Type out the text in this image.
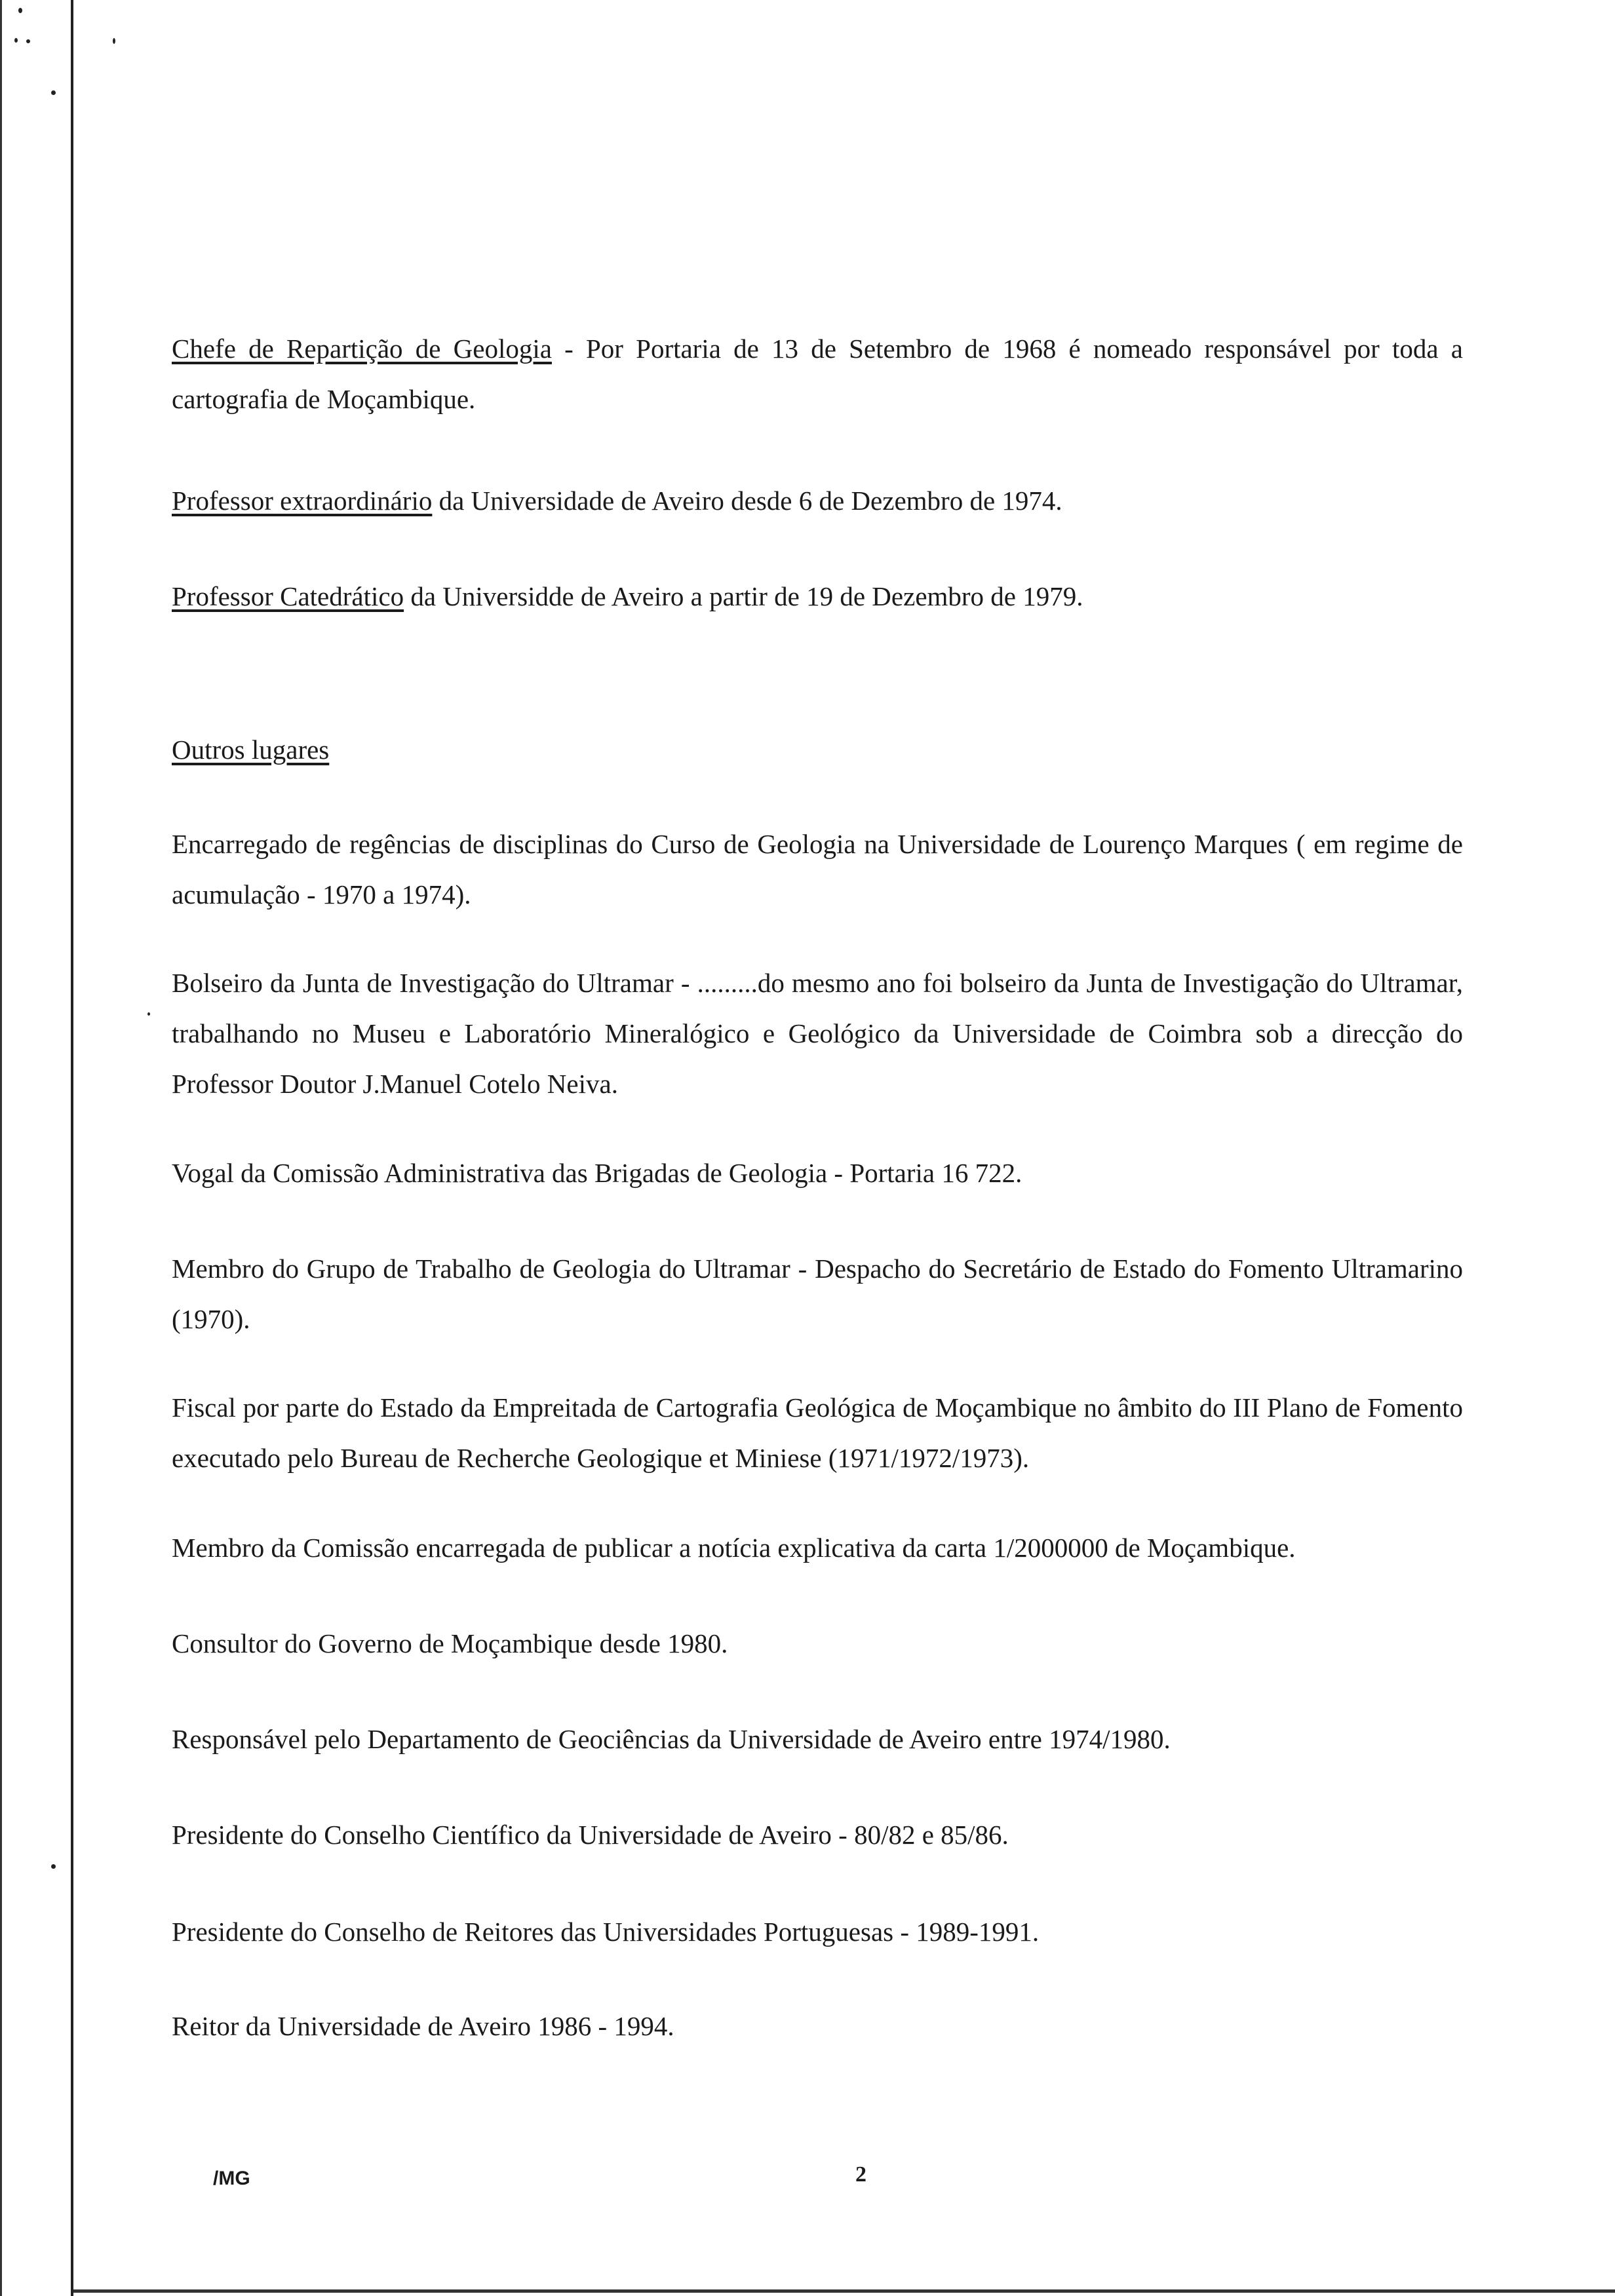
Chefe de Repartição de Geologia - Por Portaria de 13 de Setembro de 1968 é nomeado responsável por toda a cartografia de Moçambique.
Professor extraordinário da Universidade de Aveiro desde 6 de Dezembro de 1974.
Professor Catedrático da Universidde de Aveiro a partir de 19 de Dezembro de 1979.
Outros lugares
Encarregado de regências de disciplinas do Curso de Geologia na Universidade de Lourenço Marques ( em regime de acumulação - 1970 a 1974).
Bolseiro da Junta de Investigação do Ultramar - .........do mesmo ano foi bolseiro da Junta de Investigação do Ultramar, trabalhando no Museu e Laboratório Mineralógico e Geológico da Universidade de Coimbra sob a direcção do Professor Doutor J.Manuel Cotelo Neiva.
Vogal da Comissão Administrativa das Brigadas de Geologia - Portaria 16 722.
Membro do Grupo de Trabalho de Geologia do Ultramar - Despacho do Secretário de Estado do Fomento Ultramarino (1970).
Fiscal por parte do Estado da Empreitada de Cartografia Geológica de Moçambique no âmbito do III Plano de Fomento executado pelo Bureau de Recherche Geologique et Miniese (1971/1972/1973).
Membro da Comissão encarregada de publicar a notícia explicativa da carta 1/2000000 de Moçambique.
Consultor do Governo de Moçambique desde 1980.
Responsável pelo Departamento de Geociências da Universidade de Aveiro entre 1974/1980.
Presidente do Conselho Científico da Universidade de Aveiro - 80/82 e 85/86.
Presidente do Conselho de Reitores das Universidades Portuguesas - 1989-1991.
Reitor da Universidade de Aveiro 1986 - 1994.
/MG	2
